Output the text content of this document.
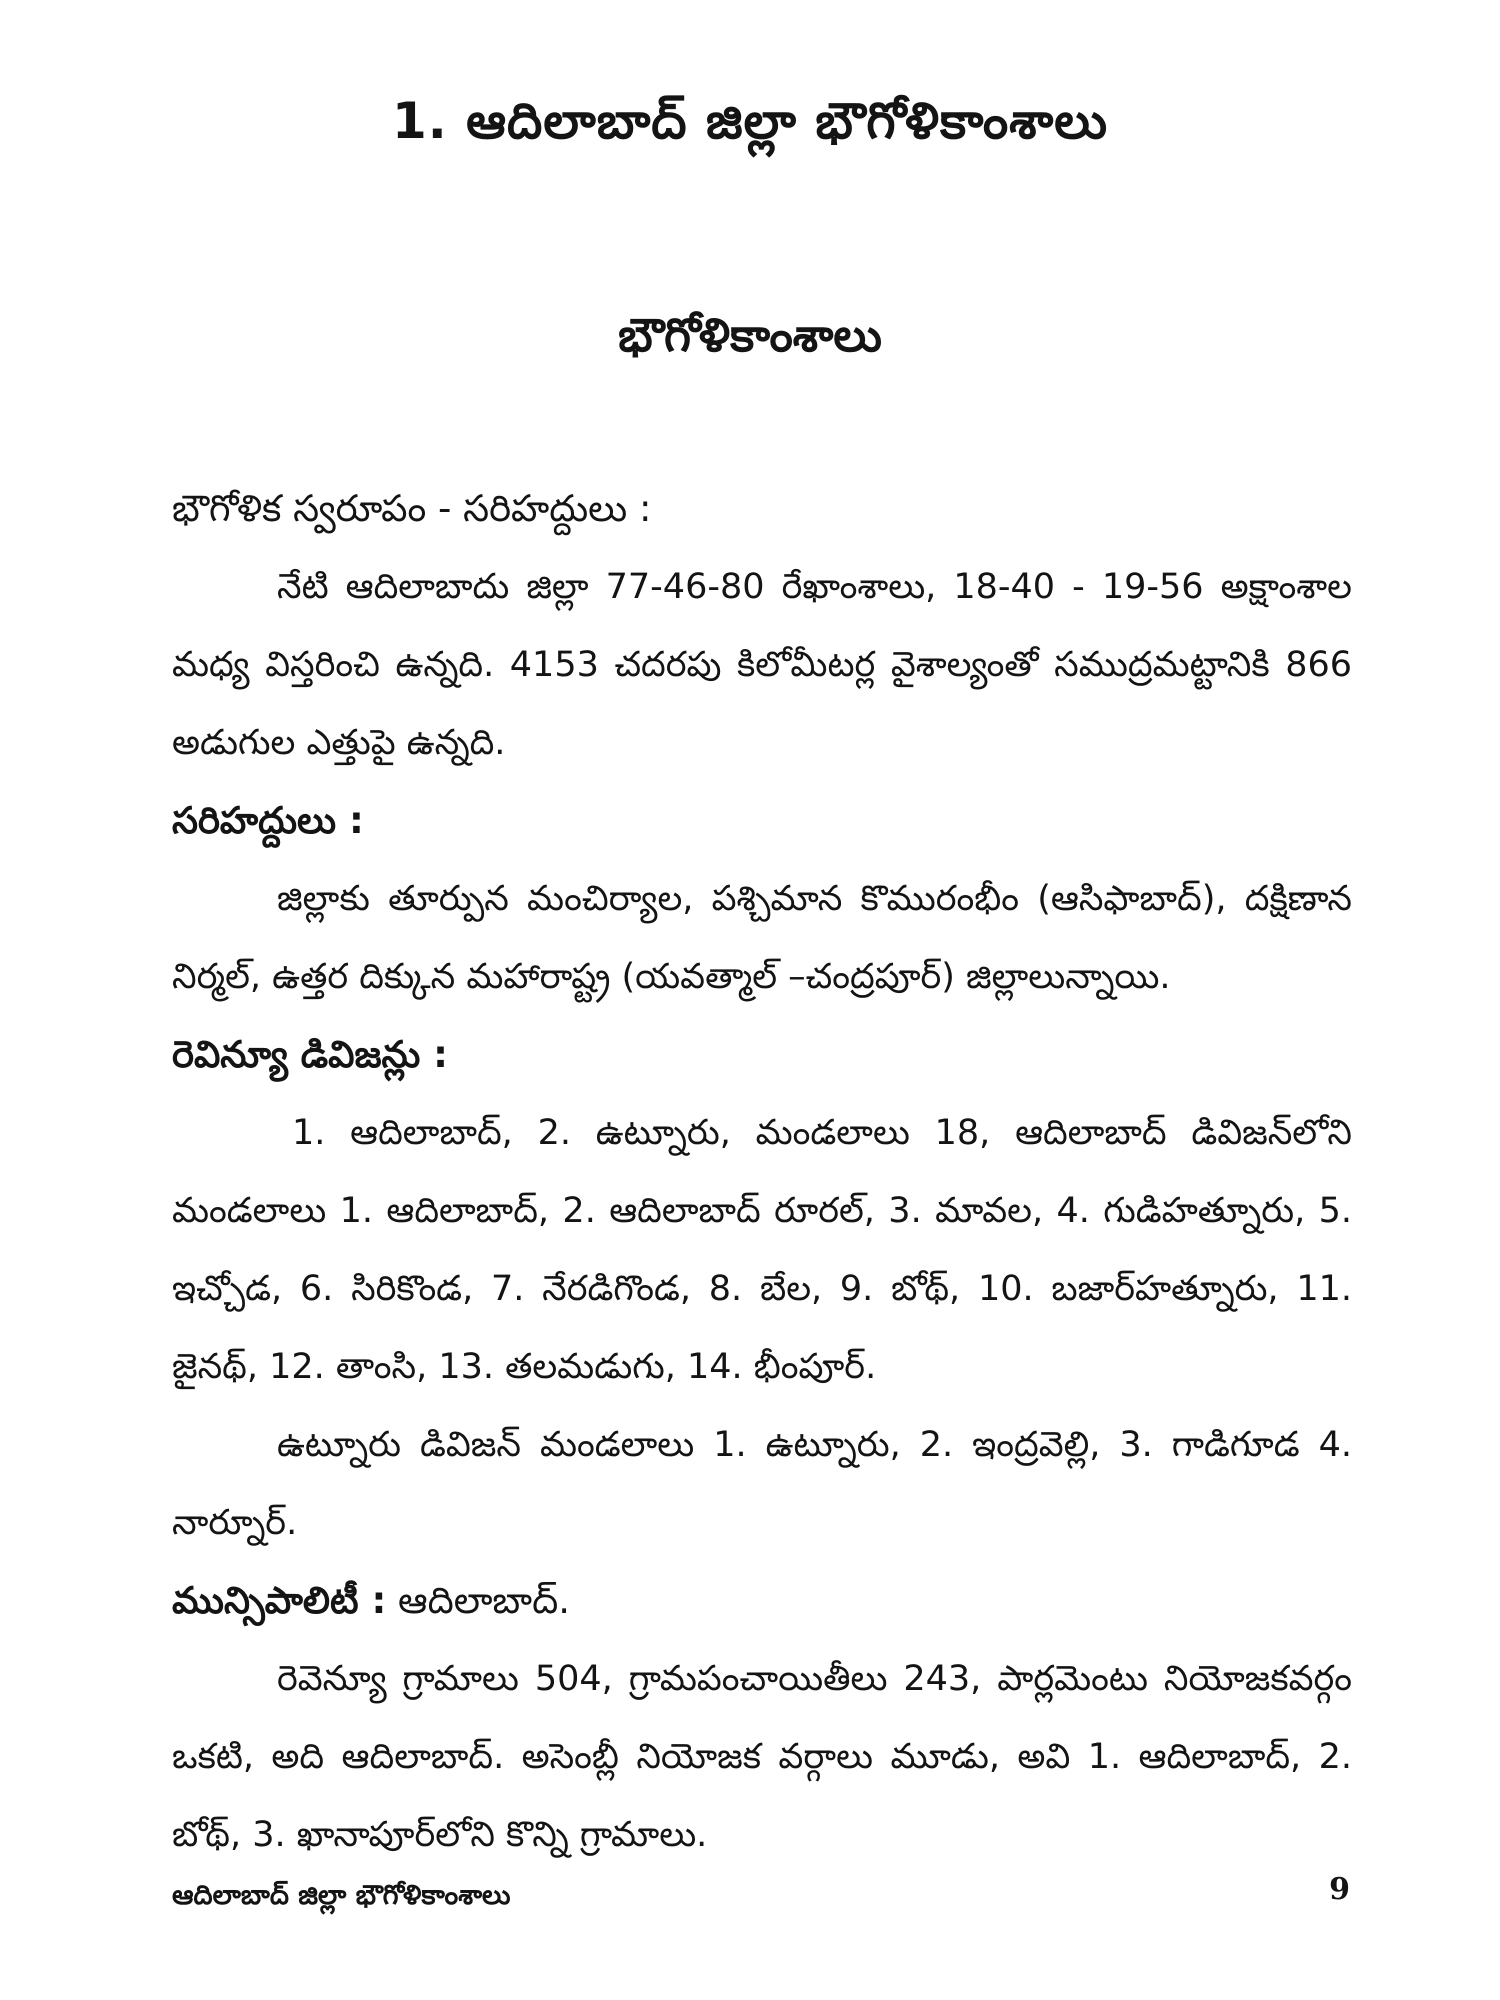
1. ఆదిలాబాద్ జిల్లా భౌగోళికాంశాలు
భౌగోళికాంశాలు

భౌగోళిక స్వరూపం - సరిహద్దులు :

నేటి ఆదిలాబాదు జిల్లా 77-46-80 రేఖాంశాలు, 18-40 - 19-56 అక్షాంశాల మధ్య విస్తరించి ఉన్నది. 4153 చదరపు కిలోమీటర్ల వైశాల్యంతో సముద్రమట్టానికి 866 అడుగుల ఎత్తుపై ఉన్నది.

సరిహద్దులు :

జిల్లాకు తూర్పున మంచిర్యాల, పశ్చిమాన కొమురంభీం (ఆసిఫాబాద్), దక్షిణాన నిర్మల్, ఉత్తర దిక్కున మహారాష్ట్ర (యవత్మాల్ –చంద్రపూర్) జిల్లాలున్నాయి.

రెవిన్యూ డివిజన్లు :

1. ఆదిలాబాద్, 2. ఉట్నూరు, మండలాలు 18, ఆదిలాబాద్ డివిజన్‌లోని మండలాలు 1. ఆదిలాబాద్, 2. ఆదిలాబాద్ రూరల్, 3. మావల, 4. గుడిహత్నూరు, 5. ఇచ్చోడ, 6. సిరికొండ, 7. నేరడిగొండ, 8. బేల, 9. బోథ్, 10. బజార్‌హత్నూరు, 11. జైనథ్, 12. తాంసి, 13. తలమడుగు, 14. భీంపూర్.

ఉట్నూరు డివిజన్ మండలాలు 1. ఉట్నూరు, 2. ఇంద్రవెల్లి, 3. గాడిగూడ 4. నార్నూర్.

మున్సిపాలిటీ : ఆదిలాబాద్.

రెవెన్యూ గ్రామాలు 504, గ్రామపంచాయితీలు 243, పార్లమెంటు నియోజకవర్గం ఒకటి, అది ఆదిలాబాద్. అసెంబ్లీ నియోజక వర్గాలు మూడు, అవి 1. ఆదిలాబాద్, 2. బోథ్, 3. ఖానాపూర్‌లోని కొన్ని గ్రామాలు.

ఆదిలాబాద్ జిల్లా భౌగోళికాంశాలు	9
